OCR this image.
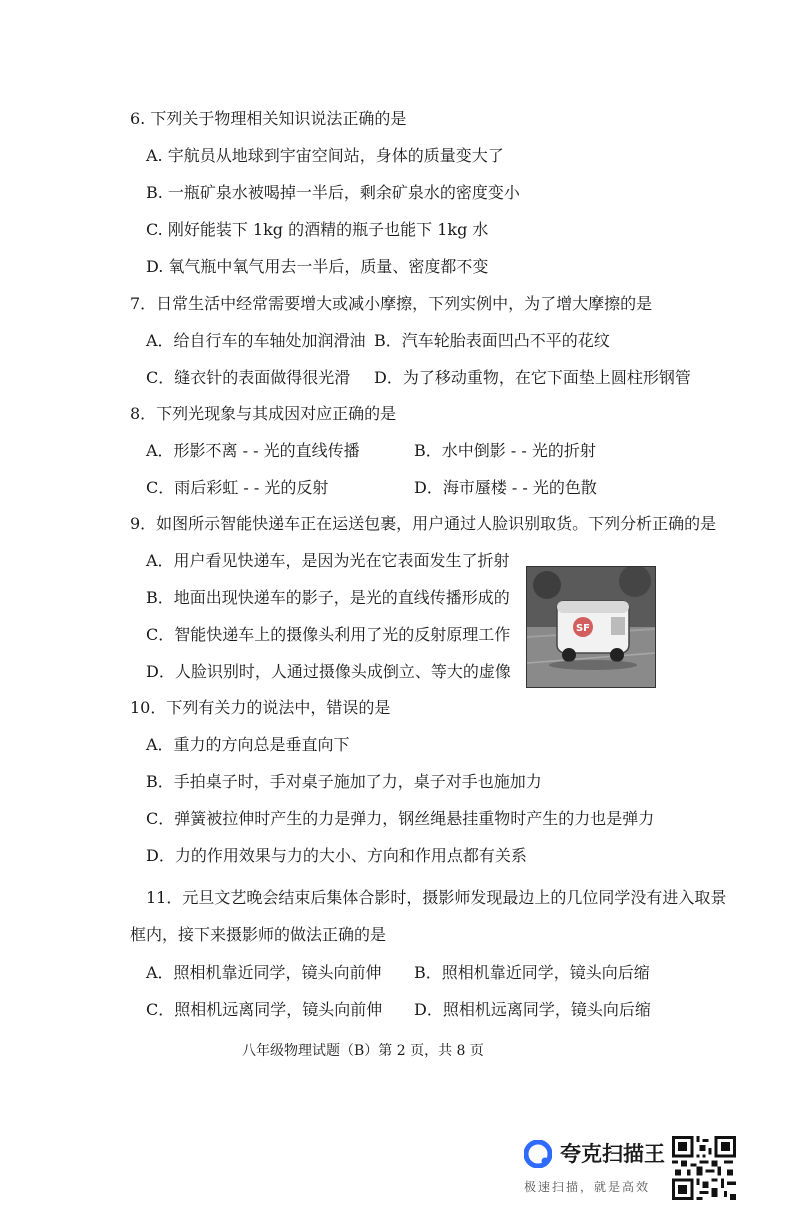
6. 下列关于物理相关知识说法正确的是
A. 宇航员从地球到宇宙空间站，身体的质量变大了
B. 一瓶矿泉水被喝掉一半后，剩余矿泉水的密度变小
C. 刚好能装下 1kg 的酒精的瓶子也能下 1kg 水
D. 氧气瓶中氧气用去一半后，质量、密度都不变
7．日常生活中经常需要增大或减小摩擦，下列实例中，为了增大摩擦的是
A．给自行车的车轴处加润滑油 B．汽车轮胎表面凹凸不平的花纹
C．缝衣针的表面做得很光滑 D．为了移动重物，在它下面垫上圆柱形钢管
8．下列光现象与其成因对应正确的是
A．形影不离 - - 光的直线传播	B．水中倒影 - - 光的折射
C．雨后彩虹 - - 光的反射	D．海市蜃楼 - - 光的色散
9．如图所示智能快递车正在运送包裹，用户通过人脸识别取货。下列分析正确的是
A．用户看见快递车，是因为光在它表面发生了折射
B．地面出现快递车的影子，是光的直线传播形成的
C．智能快递车上的摄像头利用了光的反射原理工作
D．人脸识别时，人通过摄像头成倒立、等大的虚像
SF
10．下列有关力的说法中，错误的是
A．重力的方向总是垂直向下
B．手拍桌子时，手对桌子施加了力，桌子对手也施加力
C．弹簧被拉伸时产生的力是弹力，钢丝绳悬挂重物时产生的力也是弹力
D．力的作用效果与力的大小、方向和作用点都有关系
11．元旦文艺晚会结束后集体合影时，摄影师发现最边上的几位同学没有进入取景
框内，接下来摄影师的做法正确的是
A．照相机靠近同学，镜头向前伸 B．照相机靠近同学，镜头向后缩
C．照相机远离同学，镜头向前伸 D．照相机远离同学，镜头向后缩
八年级物理试题（B）第 2 页，共 8 页
夸克扫描王
极速扫描，就是高效
